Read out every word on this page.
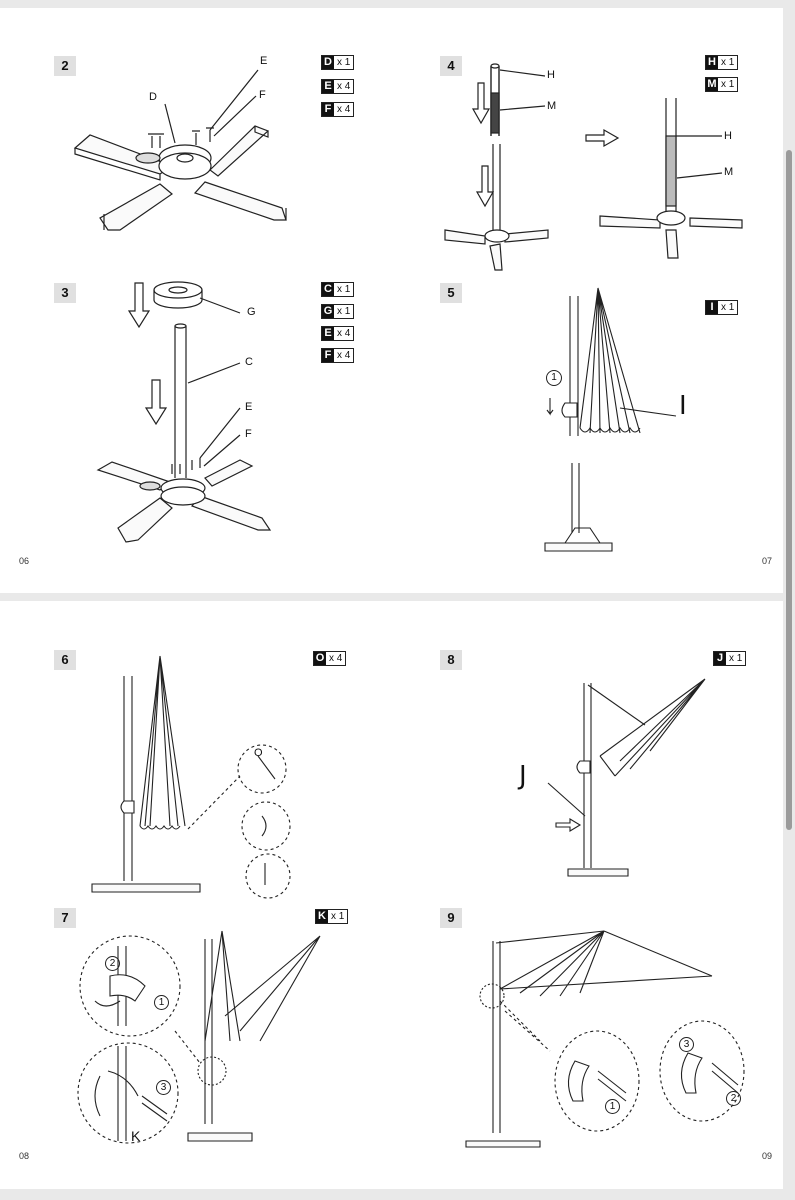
2	D x 1
E x 4
F x 4
E
F
D
3	C x 1
G x 1
E x 4
F x 4
G
C
E
F
4	H x 1
M x 1
H
M
H
M
5
I x 1
I
1
06	07
6	O x 4
O
7	K x 1
K
1
2
3
8	J x 1
J
9
1
2
3
08	09
